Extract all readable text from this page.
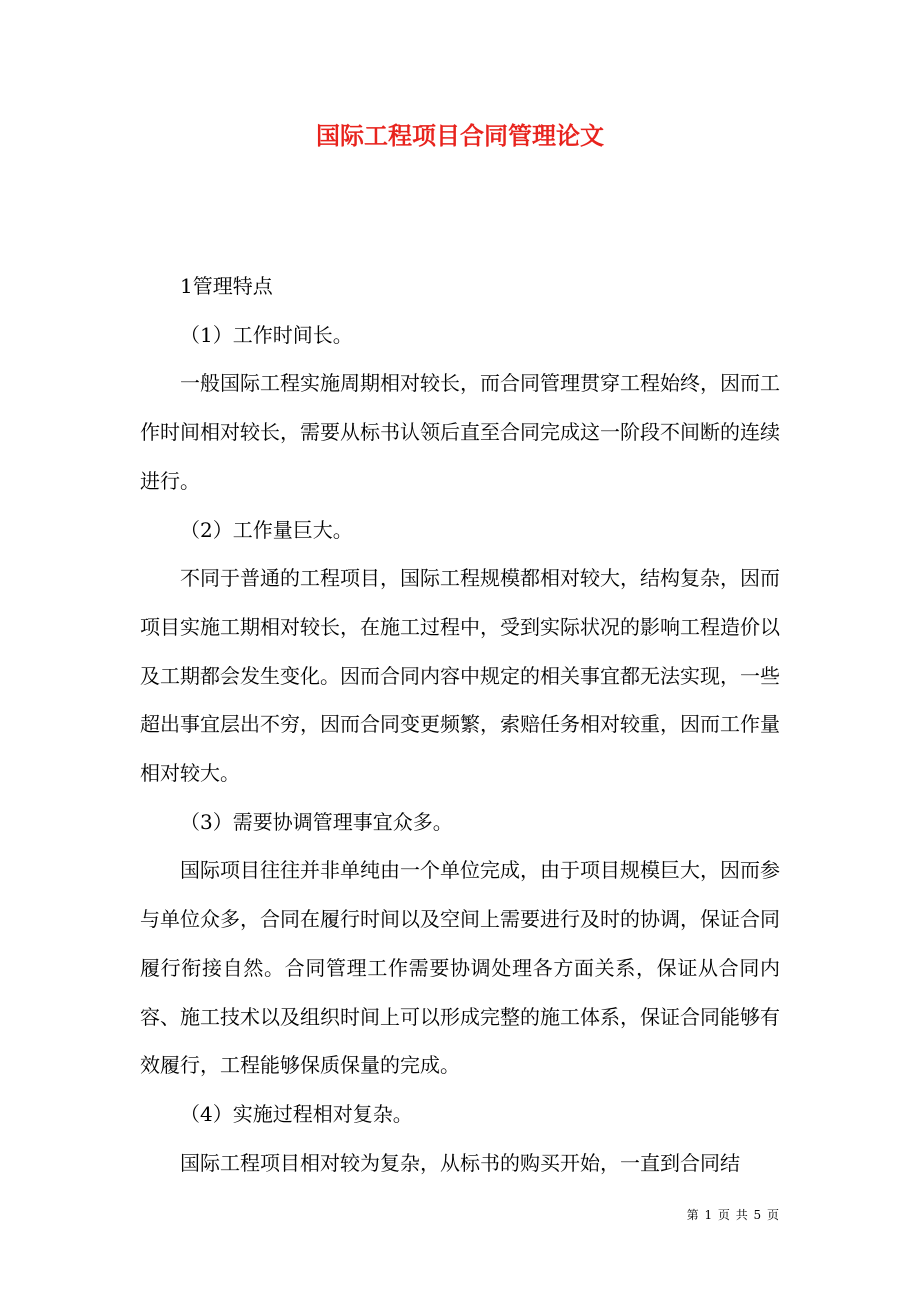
国际工程项目合同管理论文

1管理特点

（1）工作时间长。

一般国际工程实施周期相对较长，而合同管理贯穿工程始终，因而工作时间相对较长，需要从标书认领后直至合同完成这一阶段不间断的连续进行。

（2）工作量巨大。

不同于普通的工程项目，国际工程规模都相对较大，结构复杂，因而项目实施工期相对较长，在施工过程中，受到实际状况的影响工程造价以及工期都会发生变化。因而合同内容中规定的相关事宜都无法实现，一些超出事宜层出不穷，因而合同变更频繁，索赔任务相对较重，因而工作量相对较大。

（3）需要协调管理事宜众多。

国际项目往往并非单纯由一个单位完成，由于项目规模巨大，因而参与单位众多，合同在履行时间以及空间上需要进行及时的协调，保证合同履行衔接自然。合同管理工作需要协调处理各方面关系，保证从合同内容、施工技术以及组织时间上可以形成完整的施工体系，保证合同能够有效履行，工程能够保质保量的完成。

（4）实施过程相对复杂。

国际工程项目相对较为复杂，从标书的购买开始，一直到合同结

第 1 页 共 5 页
